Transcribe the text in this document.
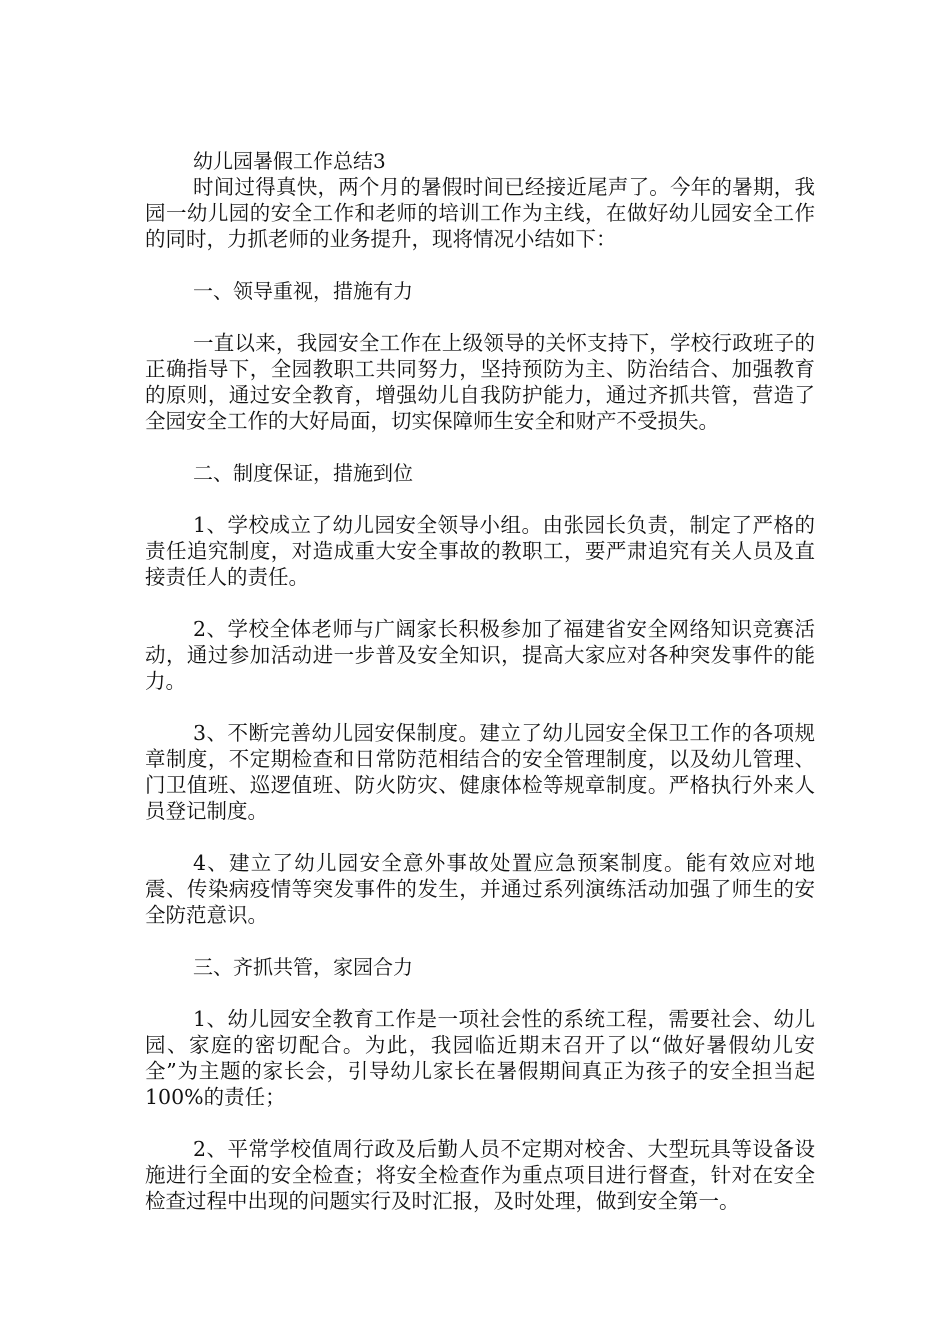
幼儿园暑假工作总结3

时间过得真快，两个月的暑假时间已经接近尾声了。今年的暑期，我园一幼儿园的安全工作和老师的培训工作为主线，在做好幼儿园安全工作的同时，力抓老师的业务提升，现将情况小结如下：

一、领导重视，措施有力

一直以来，我园安全工作在上级领导的关怀支持下，学校行政班子的正确指导下，全园教职工共同努力，坚持预防为主、防治结合、加强教育的原则，通过安全教育，增强幼儿自我防护能力，通过齐抓共管，营造了全园安全工作的大好局面，切实保障师生安全和财产不受损失。

二、制度保证，措施到位

1、学校成立了幼儿园安全领导小组。由张园长负责，制定了严格的责任追究制度，对造成重大安全事故的教职工，要严肃追究有关人员及直接责任人的责任。

2、学校全体老师与广阔家长积极参加了福建省安全网络知识竞赛活动，通过参加活动进一步普及安全知识，提高大家应对各种突发事件的能力。

3、不断完善幼儿园安保制度。建立了幼儿园安全保卫工作的各项规章制度，不定期检查和日常防范相结合的安全管理制度，以及幼儿管理、门卫值班、巡逻值班、防火防灾、健康体检等规章制度。严格执行外来人员登记制度。

4、建立了幼儿园安全意外事故处置应急预案制度。能有效应对地震、传染病疫情等突发事件的发生，并通过系列演练活动加强了师生的安全防范意识。

三、齐抓共管，家园合力

1、幼儿园安全教育工作是一项社会性的系统工程，需要社会、幼儿园、家庭的密切配合。为此，我园临近期末召开了以“做好暑假幼儿安全”为主题的家长会，引导幼儿家长在暑假期间真正为孩子的安全担当起100%的责任；

2、平常学校值周行政及后勤人员不定期对校舍、大型玩具等设备设施进行全面的安全检查；将安全检查作为重点项目进行督查，针对在安全检查过程中出现的问题实行及时汇报，及时处理，做到安全第一。
